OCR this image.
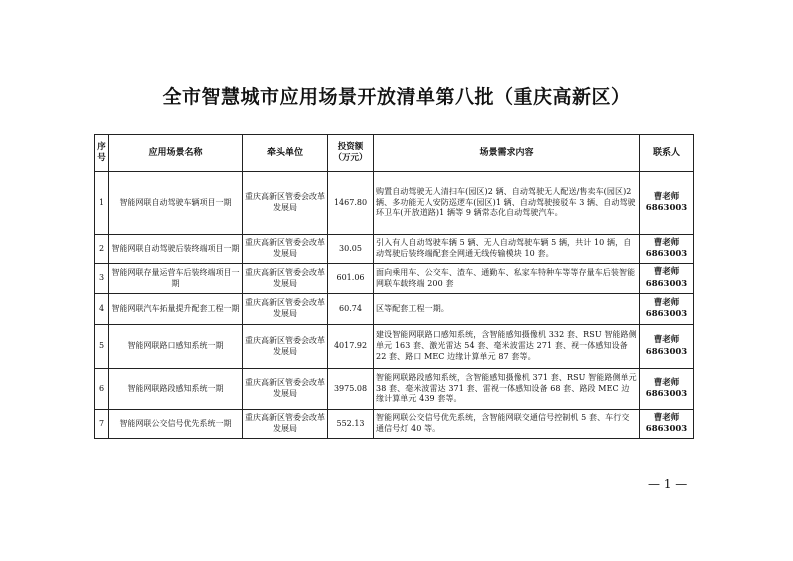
全市智慧城市应用场景开放清单第八批（重庆高新区）
序号	应用场景名称	牵头单位	投资额（万元）	场景需求内容	联系人
1	智能网联自动驾驶车辆项目一期	重庆高新区管委会改革发展局	1467.80	购置自动驾驶无人清扫车(园区)2 辆、自动驾驶无人配送/售卖车(园区)2 辆、多功能无人安防巡逻车(园区)1 辆、自动驾驶接驳车 3 辆、自动驾驶环卫车(开放道路)1 辆等 9 辆常态化自动驾驶汽车。	曹老师 6863003
2	智能网联自动驾驶后装终端项目一期	重庆高新区管委会改革发展局	30.05	引入有人自动驾驶车辆 5 辆、无人自动驾驶车辆 5 辆，共计 10 辆，自动驾驶后装终端配套全网通无线传输模块 10 套。	曹老师 6863003
3	智能网联存量运营车后装终端项目一期	重庆高新区管委会改革发展局	601.06	面向乘用车、公交车、渣车、通勤车、私家车特种车等等存量车后装智能网联车载终端 200 套	曹老师 6863003
4	智能网联汽车拓量提升配套工程一期	重庆高新区管委会改革发展局	60.74	区等配套工程一期。	曹老师 6863003
5	智能网联路口感知系统一期	重庆高新区管委会改革发展局	4017.92	建设智能网联路口感知系统，含智能感知摄像机 332 套、RSU 智能路侧单元 163 套、激光雷达 54 套、毫米波雷达 271 套、视一体感知设备 22 套、路口 MEC 边缘计算单元 87 套等。	曹老师 6863003
6	智能网联路段感知系统一期	重庆高新区管委会改革发展局	3975.08	智能网联路段感知系统，含智能感知摄像机 371 套、RSU 智能路侧单元 38 套、毫米波雷达 371 套、雷视一体感知设备 68 套、路段 MEC 边缘计算单元 439 套等。	曹老师 6863003
7	智能网联公交信号优先系统一期	重庆高新区管委会改革发展局	552.13	智能网联公交信号优先系统，含智能网联交通信号控制机 5 套、车行交通信号灯 40 等。	曹老师 6863003
— 1 —
